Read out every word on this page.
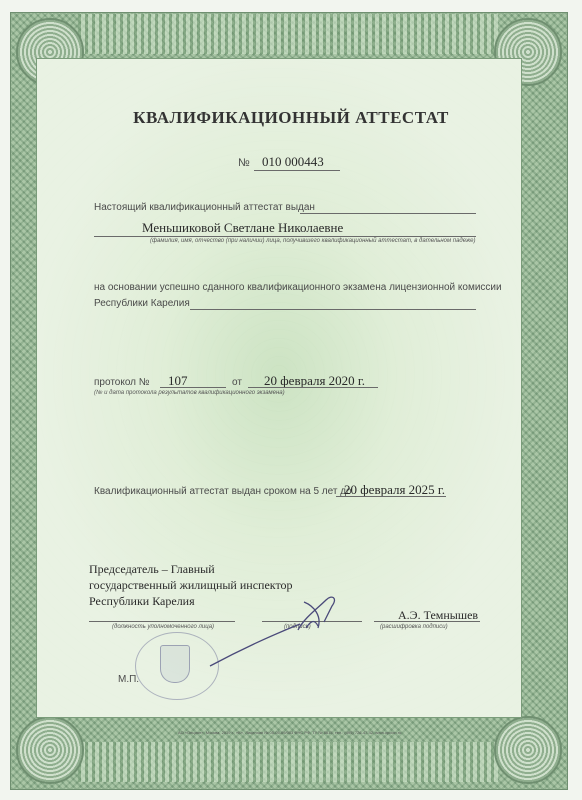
КВАЛИФИКАЦИОННЫЙ АТТЕСТАТ
№ 010 000443
Настоящий квалификационный аттестат выдан
Меньшиковой Светлане Николаевне
(фамилия, имя, отчество (при наличии) лица, получившего квалификационный аттестат, в дательном падеже)
на основании успешно сданного квалификационного экзамена лицензионной комиссии
Республики Карелия
протокол № 107	от 20 февраля 2020 г.
(№ и дата протокола результатов квалификационного экзамена)
Квалификационный аттестат выдан сроком на 5 лет до
20 февраля 2025 г.
Председатель – Главный
государственный жилищный инспектор
Республики Карелия
(должность уполномоченного лица)	(подпись)
А.Э. Темнышев
(расшифровка подписи)
М.П.
АО «Опцион», Москва, 2019 г., «Б», Лицензия № 05-05-09/003 ФНС РФ, ТУ № 5815, тел.: (495) 726-47-42, www.opcion.ru
